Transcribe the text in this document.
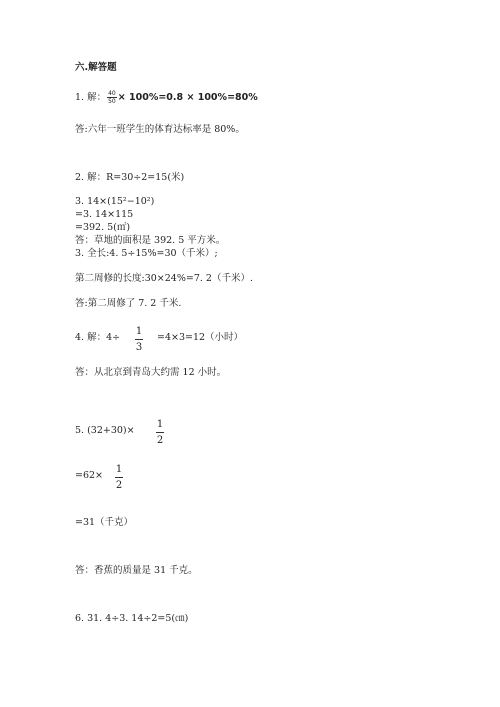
六.解答题
1. 解： $\frac{40}{50} \times 100\%=0.8 \times 100\%=80\%$
答:六年一班学生的体育达标率是 80%。
2. 解：R=30÷2=15(米)
3. 14×(15²−10²)
=3. 14×115
=392. 5(㎡)
答：草地的面积是 392. 5 平方米。
3. 全长:4. 5÷15%=30（千米）;
第二周修的长度:30×24%=7. 2（千米）.
答:第二周修了 7. 2 千米.
4. 解：4÷
1
3
=4×3=12（小时）
答：从北京到青岛大约需 12 小时。
5. (32+30)×
1
2
=62×
1
2
=31（千克）
答：香蕉的质量是 31 千克。
6. 31. 4÷3. 14÷2=5(㎝)
